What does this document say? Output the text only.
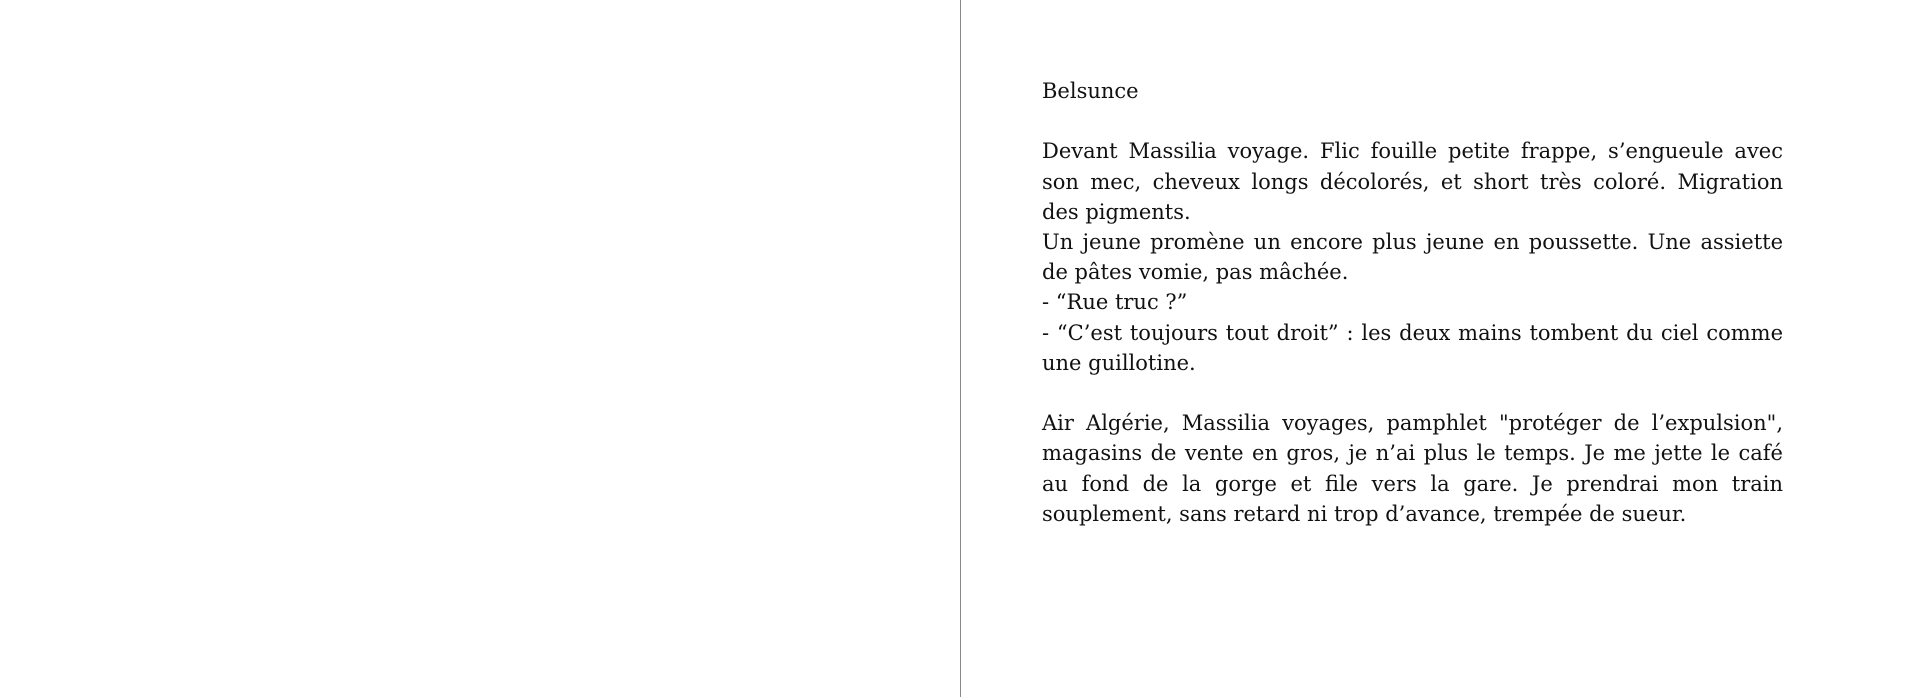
Belsunce

Devant Massilia voyage. Flic fouille petite frappe, s’engueule avec son mec, cheveux longs décolorés, et short très coloré. Migration des pigments.

Un jeune promène un encore plus jeune en poussette. Une assiette de pâtes vomie, pas mâchée.

- “Rue truc ?”

- “C’est toujours tout droit” : les deux mains tombent du ciel comme une guillotine.

Air Algérie, Massilia voyages, pamphlet "protéger de l’expulsion", magasins de vente en gros, je n’ai plus le temps. Je me jette le café au fond de la gorge et file vers la gare. Je prendrai mon train souplement, sans retard ni trop d’avance, trempée de sueur.
